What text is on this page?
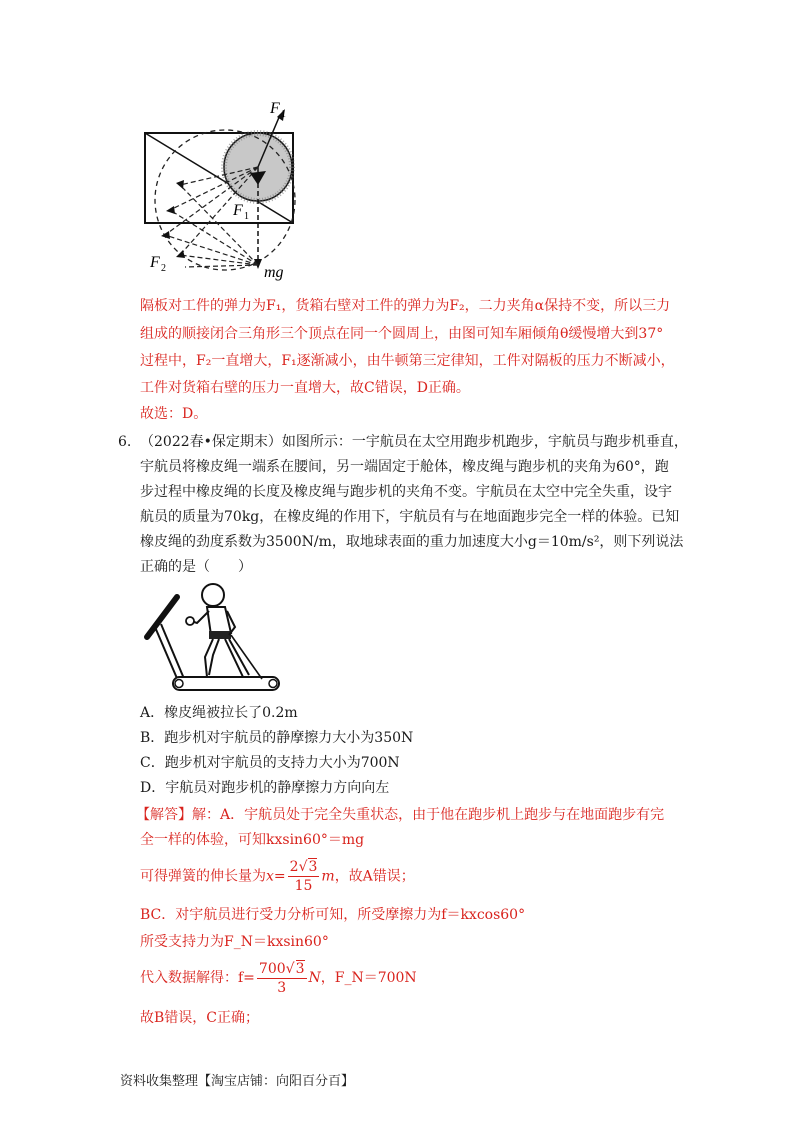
F 1
F 1
F 2	mg
隔板对工件的弹力为F₁，货箱右壁对工件的弹力为F₂，二力夹角α保持不变，所以三力
组成的顺接闭合三角形三个顶点在同一个圆周上，由图可知车厢倾角θ缓慢增大到37°
过程中，F₂一直增大，F₁逐渐减小，由牛顿第三定律知，工件对隔板的压力不断减小，
工件对货箱右壁的压力一直增大，故C错误，D正确。
故选：D。
6. （2022春•保定期末）如图所示：一宇航员在太空用跑步机跑步，宇航员与跑步机垂直，
宇航员将橡皮绳一端系在腰间，另一端固定于舱体，橡皮绳与跑步机的夹角为60°，跑
步过程中橡皮绳的长度及橡皮绳与跑步机的夹角不变。宇航员在太空中完全失重，设宇
航员的质量为70kg，在橡皮绳的作用下，宇航员有与在地面跑步完全一样的体验。已知
橡皮绳的劲度系数为3500N/m，取地球表面的重力加速度大小g＝10m/s²，则下列说法
正确的是（　　）
A．橡皮绳被拉长了0.2m
B．跑步机对宇航员的静摩擦力大小为350N
C．跑步机对宇航员的支持力大小为700N
D．宇航员对跑步机的静摩擦力方向向左
【解答】解：A．宇航员处于完全失重状态，由于他在跑步机上跑步与在地面跑步有完
全一样的体验，可知kxsin60°＝mg
可得弹簧的伸长量为$x= \frac{2√3}{15}$ m，故A错误；
BC．对宇航员进行受力分析可知，所受摩擦力为f＝kxcos60°
所受支持力为F_N＝kxsin60°
代入数据解得：$f= \frac{700√3}{3}$ N，F_N＝700N
故B错误，C正确；
资料收集整理【淘宝店铺：向阳百分百】
